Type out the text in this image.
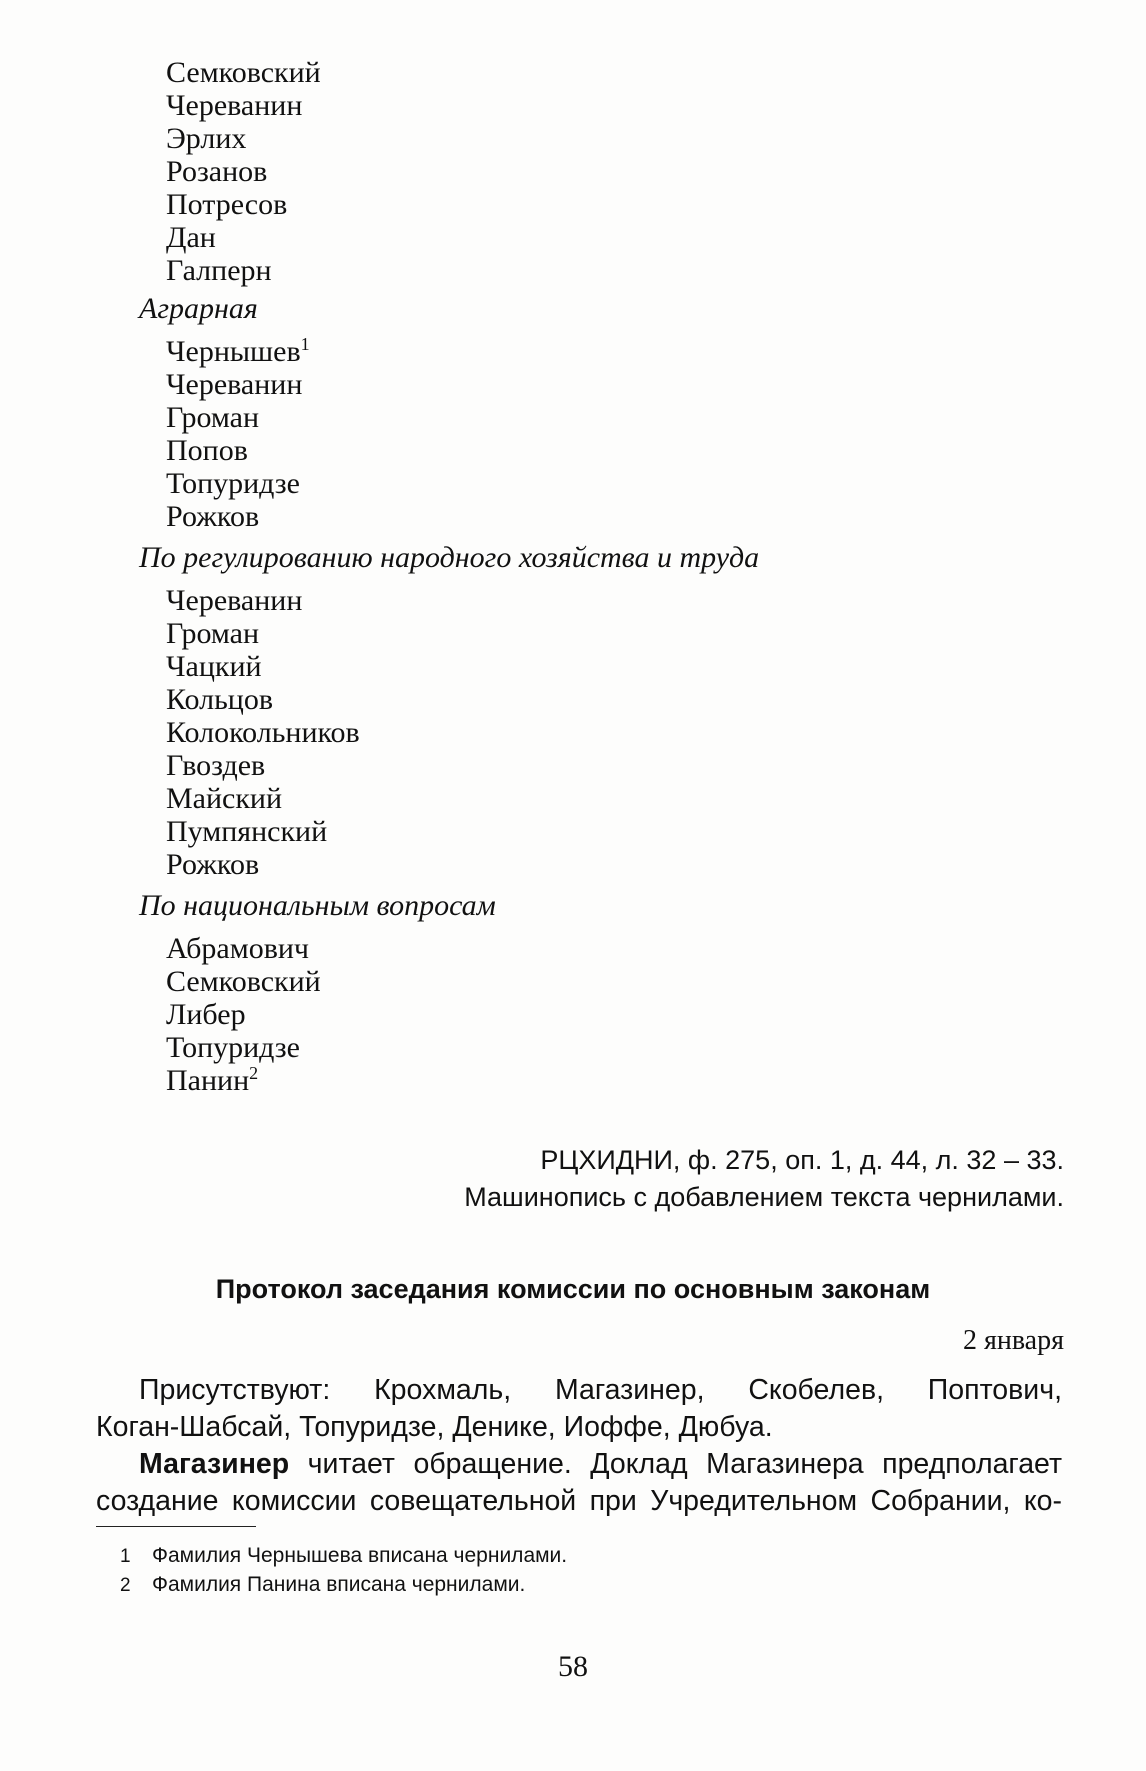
Семковский
Череванин
Эрлих
Розанов
Потресов
Дан
Галперн
Аграрная
Чернышев$^1$
Череванин
Громан
Попов
Топуридзе
Рожков
По регулированию народного хозяйства и труда
Череванин
Громан
Чацкий
Кольцов
Колокольников
Гвоздев
Майский
Пумпянский
Рожков
По национальным вопросам
Абрамович
Семковский
Либер
Топуридзе
Панин$^2$
РЦХИДНИ, ф. 275, оп. 1, д. 44, л. 32 – 33.
Машинопись с добавлением текста чернилами.
Протокол заседания комиссии по основным законам
2 января

Присутствуют: Крохмаль, Магазинер, Скобелев, Поптович,
Коган-Шабсай, Топуридзе, Денике, Иоффе, Дюбуа.

Магазинер читает обращение. Доклад Магазинера предполагает
создание комиссии совещательной при Учредительном Собрании, ко-

1 Фамилия Чернышева вписана чернилами.
2 Фамилия Панина вписана чернилами.
58
